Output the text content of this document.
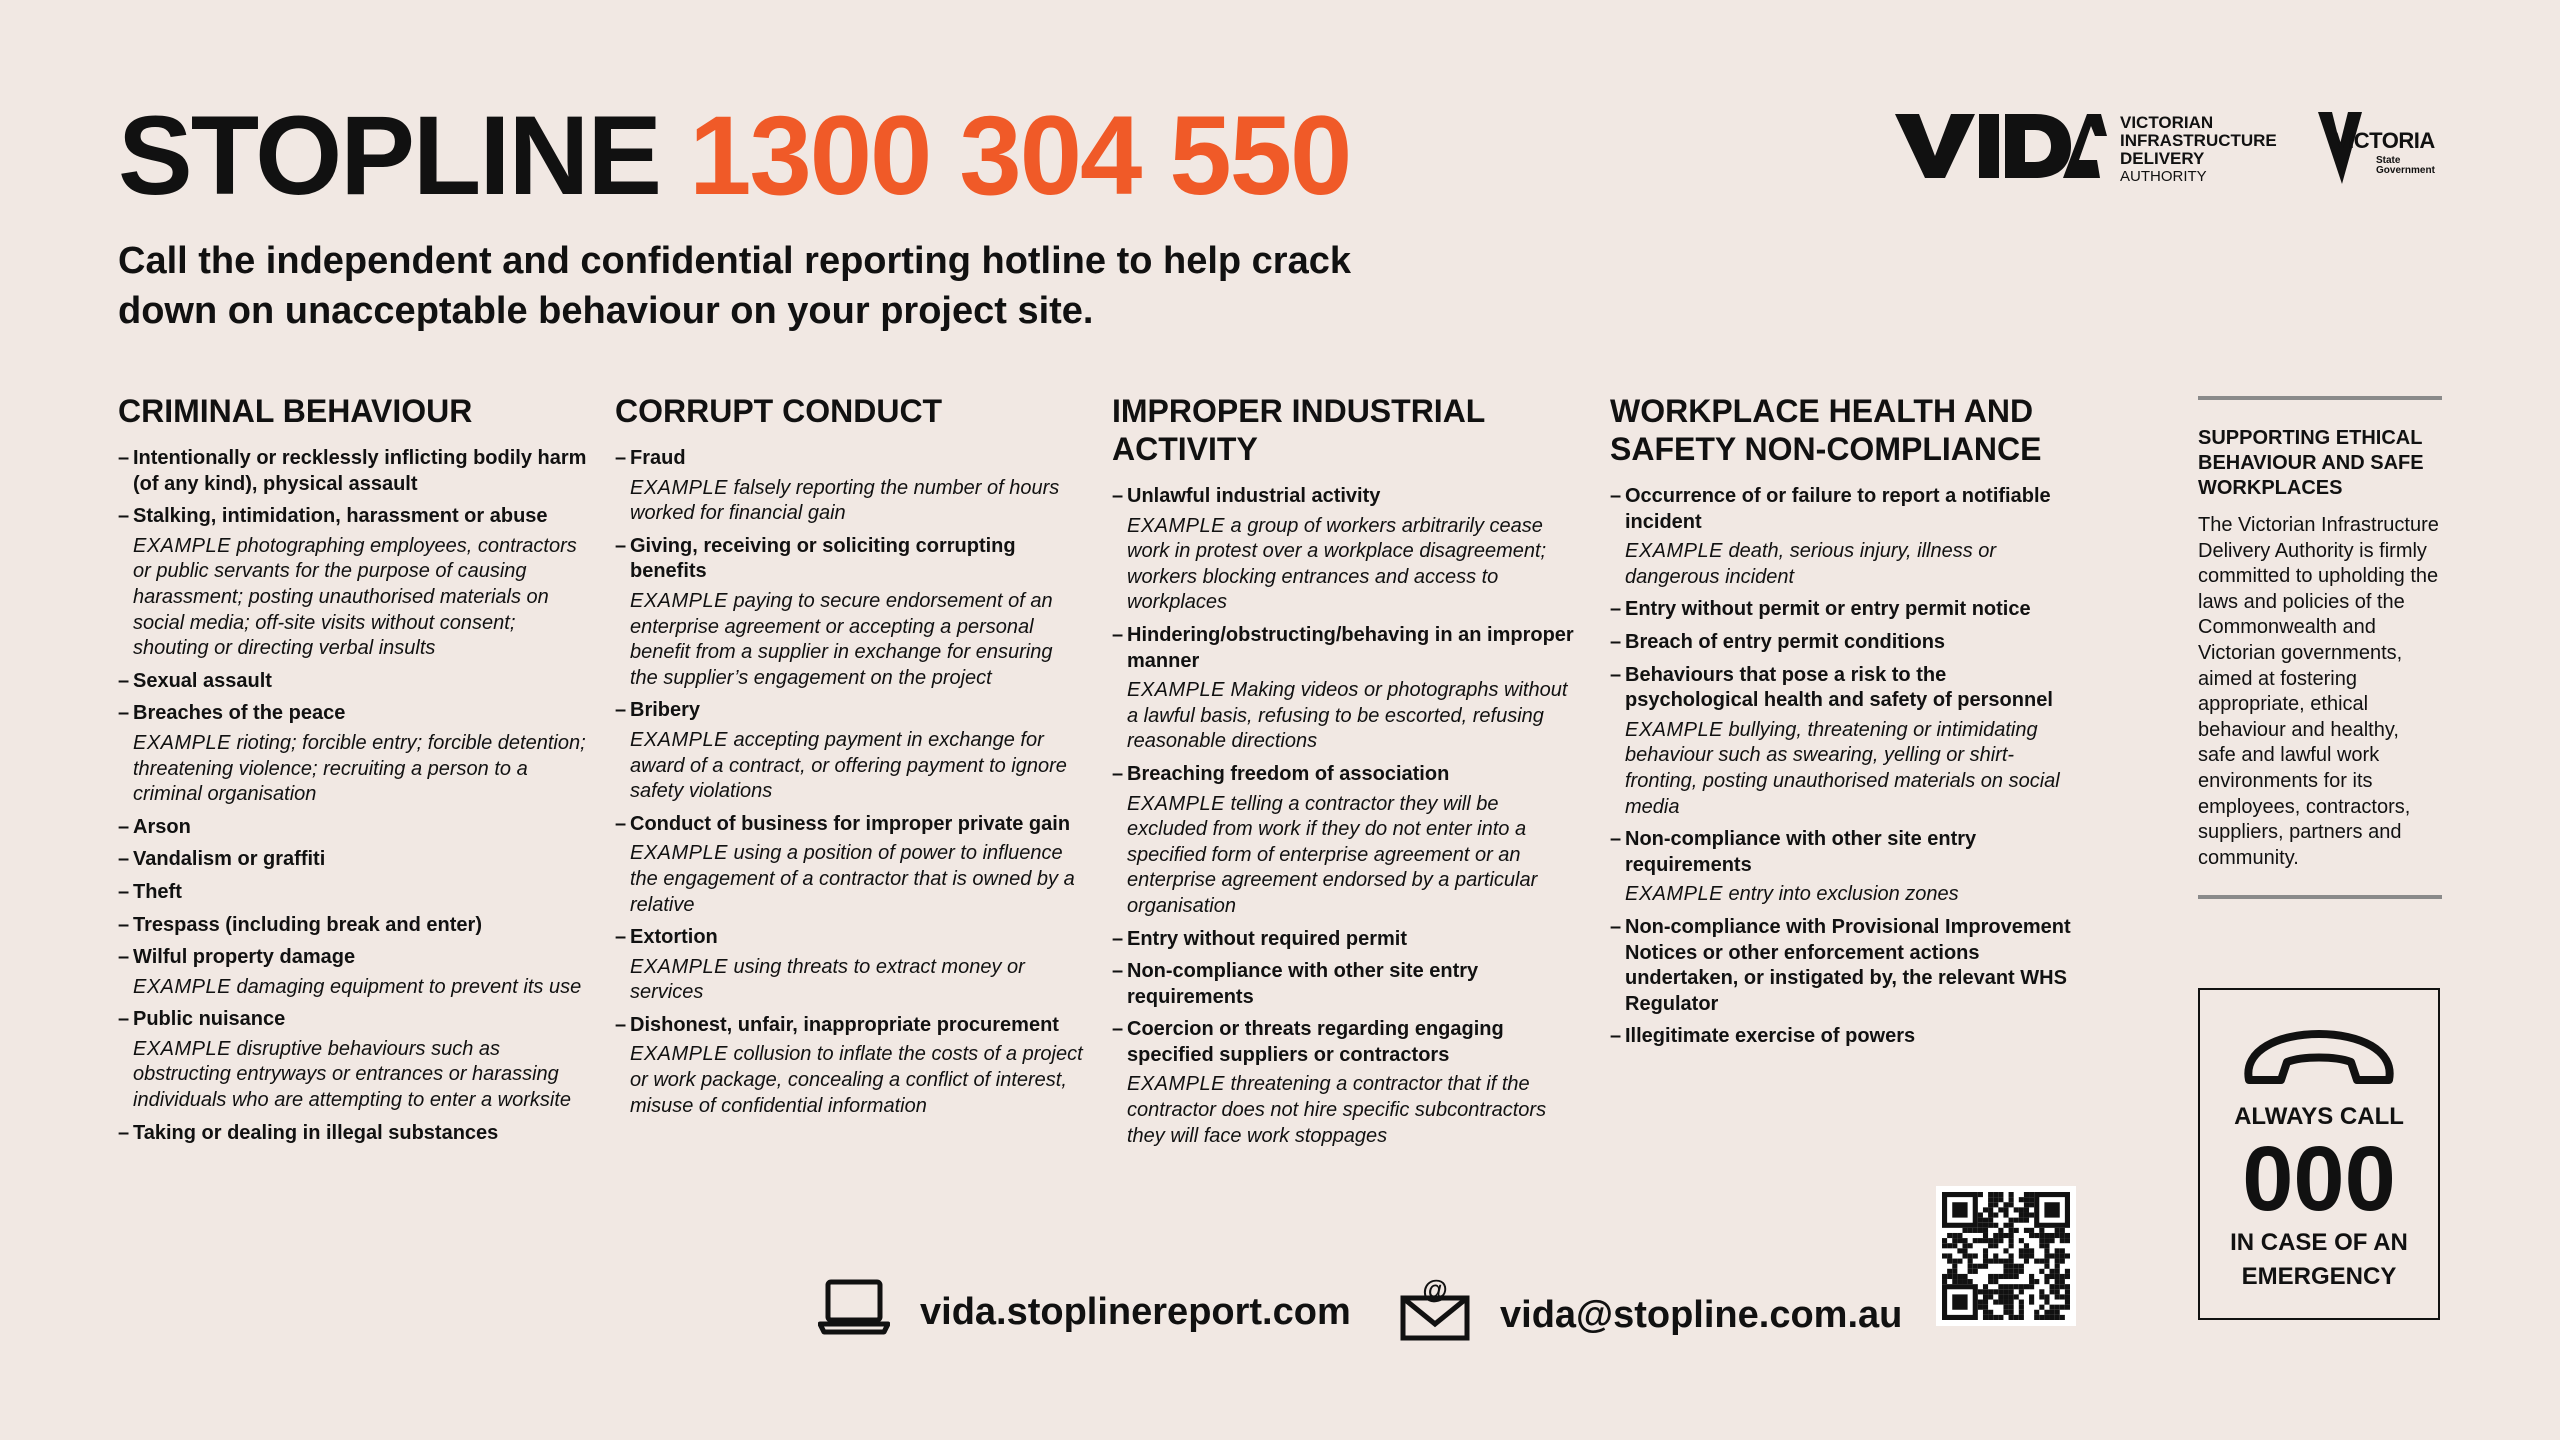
STOPLINE 1300 304 550
Call the independent and confidential reporting hotline to help crack down on unacceptable behaviour on your project site.
VICTORIAN
INFRASTRUCTURE
DELIVERY
AUTHORITY
VICTORIA
State
Government
CRIMINAL BEHAVIOUR
– Intentionally or recklessly inflicting bodily harm (of any kind), physical assault
– Stalking, intimidation, harassment or abuse
EXAMPLE photographing employees, contractors or public servants for the purpose of causing harassment; posting unauthorised materials on social media; off-site visits without consent; shouting or directing verbal insults
– Sexual assault
– Breaches of the peace
EXAMPLE rioting; forcible entry; forcible detention; threatening violence; recruiting a person to a criminal organisation
– Arson
– Vandalism or graffiti
– Theft
– Trespass (including break and enter)
– Wilful property damage
EXAMPLE damaging equipment to prevent its use
– Public nuisance
EXAMPLE disruptive behaviours such as obstructing entryways or entrances or harassing individuals who are attempting to enter a worksite
– Taking or dealing in illegal substances
CORRUPT CONDUCT
– Fraud
EXAMPLE falsely reporting the number of hours worked for financial gain
– Giving, receiving or soliciting corrupting benefits
EXAMPLE paying to secure endorsement of an enterprise agreement or accepting a personal benefit from a supplier in exchange for ensuring the supplier’s engagement on the project
– Bribery
EXAMPLE accepting payment in exchange for award of a contract, or offering payment to ignore safety violations
– Conduct of business for improper private gain
EXAMPLE using a position of power to influence the engagement of a contractor that is owned by a relative
– Extortion
EXAMPLE using threats to extract money or services
– Dishonest, unfair, inappropriate procurement
EXAMPLE collusion to inflate the costs of a project or work package, concealing a conflict of interest, misuse of confidential information
IMPROPER INDUSTRIAL ACTIVITY
– Unlawful industrial activity
EXAMPLE a group of workers arbitrarily cease work in protest over a workplace disagreement; workers blocking entrances and access to workplaces
– Hindering/obstructing/behaving in an improper manner
EXAMPLE Making videos or photographs without a lawful basis, refusing to be escorted, refusing reasonable directions
– Breaching freedom of association
EXAMPLE telling a contractor they will be excluded from work if they do not enter into a specified form of enterprise agreement or an enterprise agreement endorsed by a particular organisation
– Entry without required permit
– Non-compliance with other site entry requirements
– Coercion or threats regarding engaging specified suppliers or contractors
EXAMPLE threatening a contractor that if the contractor does not hire specific subcontractors they will face work stoppages
WORKPLACE HEALTH AND SAFETY NON-COMPLIANCE
– Occurrence of or failure to report a notifiable incident
EXAMPLE death, serious injury, illness or dangerous incident
– Entry without permit or entry permit notice
– Breach of entry permit conditions
– Behaviours that pose a risk to the psychological health and safety of personnel
EXAMPLE bullying, threatening or intimidating behaviour such as swearing, yelling or shirt-fronting, posting unauthorised materials on social media
– Non-compliance with other site entry requirements
EXAMPLE entry into exclusion zones
– Non-compliance with Provisional Improvement Notices or other enforcement actions undertaken, or instigated by, the relevant WHS Regulator
– Illegitimate exercise of powers
SUPPORTING ETHICAL BEHAVIOUR AND SAFE WORKPLACES

The Victorian Infrastructure Delivery Authority is firmly committed to upholding the laws and policies of the Commonwealth and Victorian governments, aimed at fostering appropriate, ethical behaviour and healthy, safe and lawful work environments for its employees, contractors, suppliers, partners and community.

ALWAYS CALL
000
IN CASE OF AN
EMERGENCY
vida.stoplinereport.com
@
vida@stopline.com.au
